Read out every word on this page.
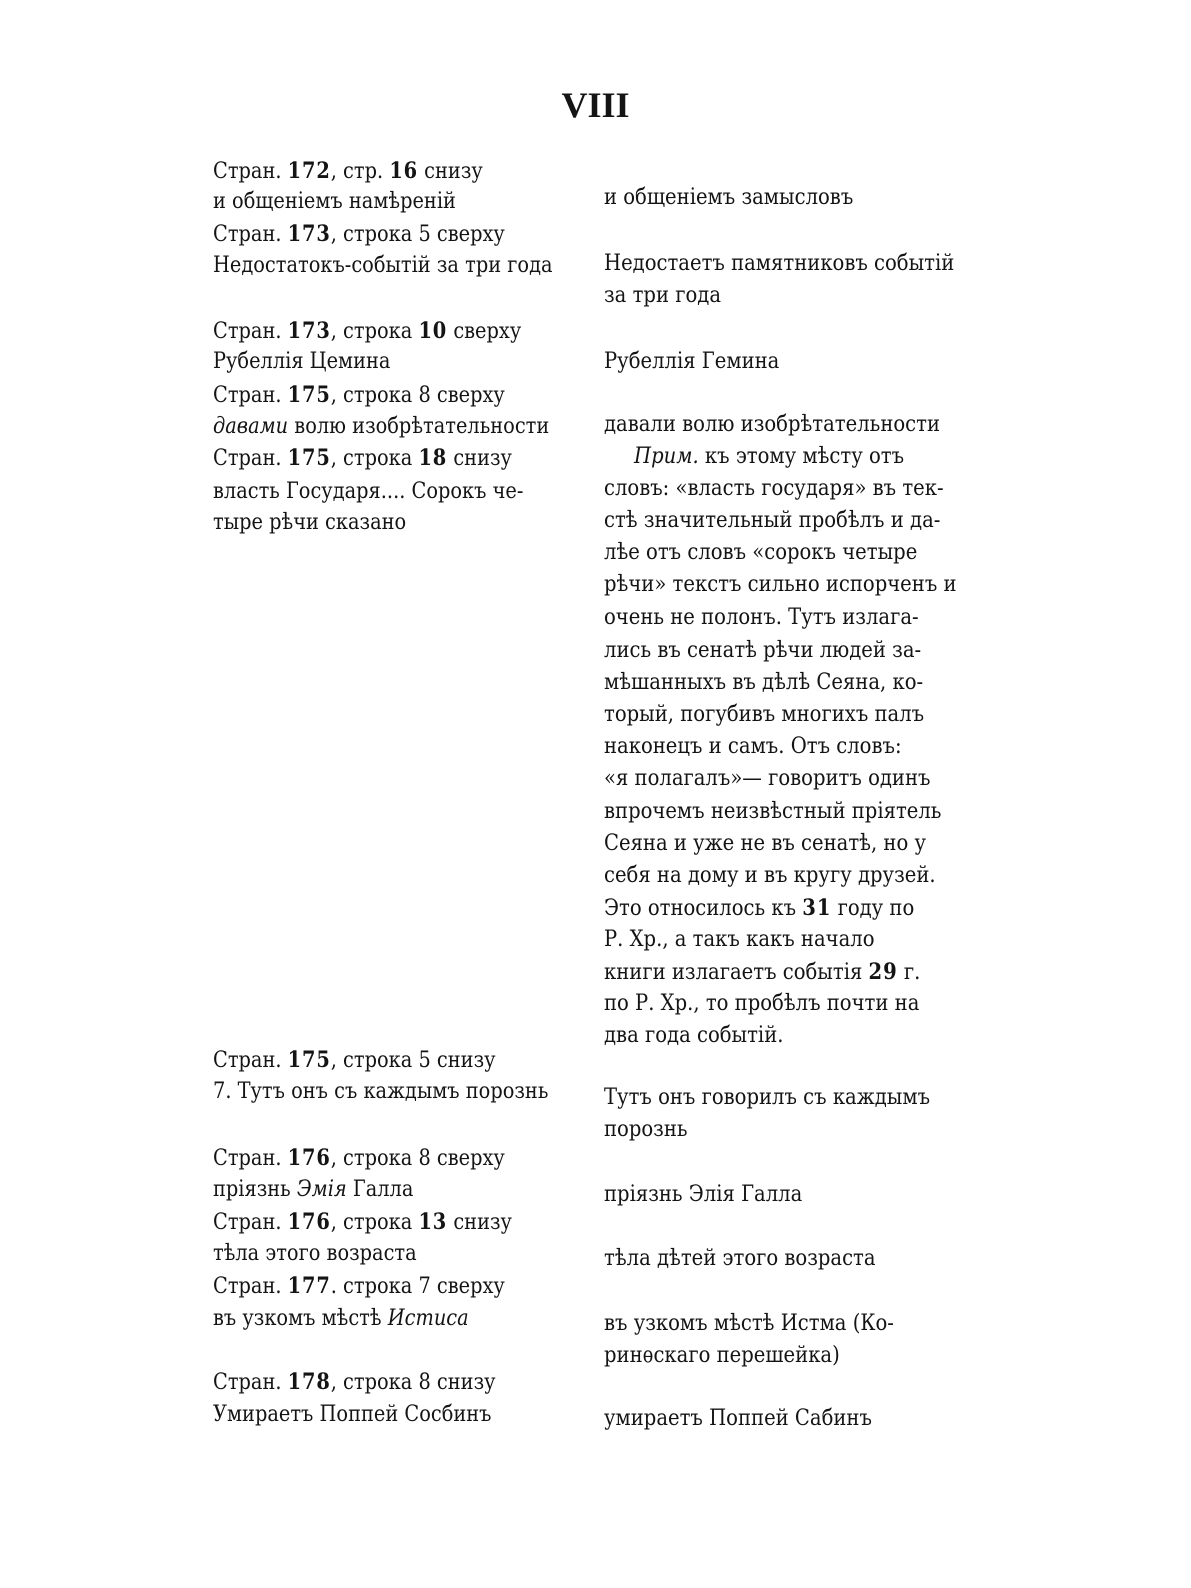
VIII
Стран. 172, стр. 16 снизу
и общеніемъ намѣреній
Стран. 173, строка 5 сверху
Недостатокъ-событій за три года
Стран. 173, строка 10 сверху
Рубеллія Цемина
Стран. 175, строка 8 сверху
давами волю изобрѣтательности
Стран. 175, строка 18 снизу
власть Государя.... Сорокъ че-
тыре рѣчи сказано
Стран. 175, строка 5 снизу
7. Тутъ онъ съ каждымъ порознь
Стран. 176, строка 8 сверху
пріязнь Эмія Галла
Стран. 176, строка 13 снизу
тѣла этого возраста
Стран. 177. строка 7 сверху
въ узкомъ мѣстѣ Истиса
Стран. 178, строка 8 снизу
Умираетъ Поппей Сосбинъ
и общеніемъ замысловъ
Недостаетъ памятниковъ событій
за три года
Рубеллія Гемина
давали волю изобрѣтательности
Прим. къ этому мѣсту отъ
словъ: «власть государя» въ тек-
стѣ значительный пробѣлъ и да-
лѣе отъ словъ «сорокъ четыре
рѣчи» текстъ сильно испорченъ и
очень не полонъ. Тутъ излага-
лись въ сенатѣ рѣчи людей за-
мѣшанныхъ въ дѣлѣ Сеяна, ко-
торый, погубивъ многихъ палъ
наконецъ и самъ. Отъ словъ:
«я полагалъ»— говоритъ одинъ
впрочемъ неизвѣстный пріятель
Сеяна и уже не въ сенатѣ, но у
себя на дому и въ кругу друзей.
Это относилось къ 31 году по
Р. Хр., а такъ какъ начало
книги излагаетъ событія 29 г.
по Р. Хр., то пробѣлъ почти на
два года событій.
Тутъ онъ говорилъ съ каждымъ
порознь
пріязнь Элія Галла
тѣла дѣтей этого возраста
въ узкомъ мѣстѣ Истма (Ко-
ринѳскаго перешейка)
умираетъ Поппей Сабинъ
